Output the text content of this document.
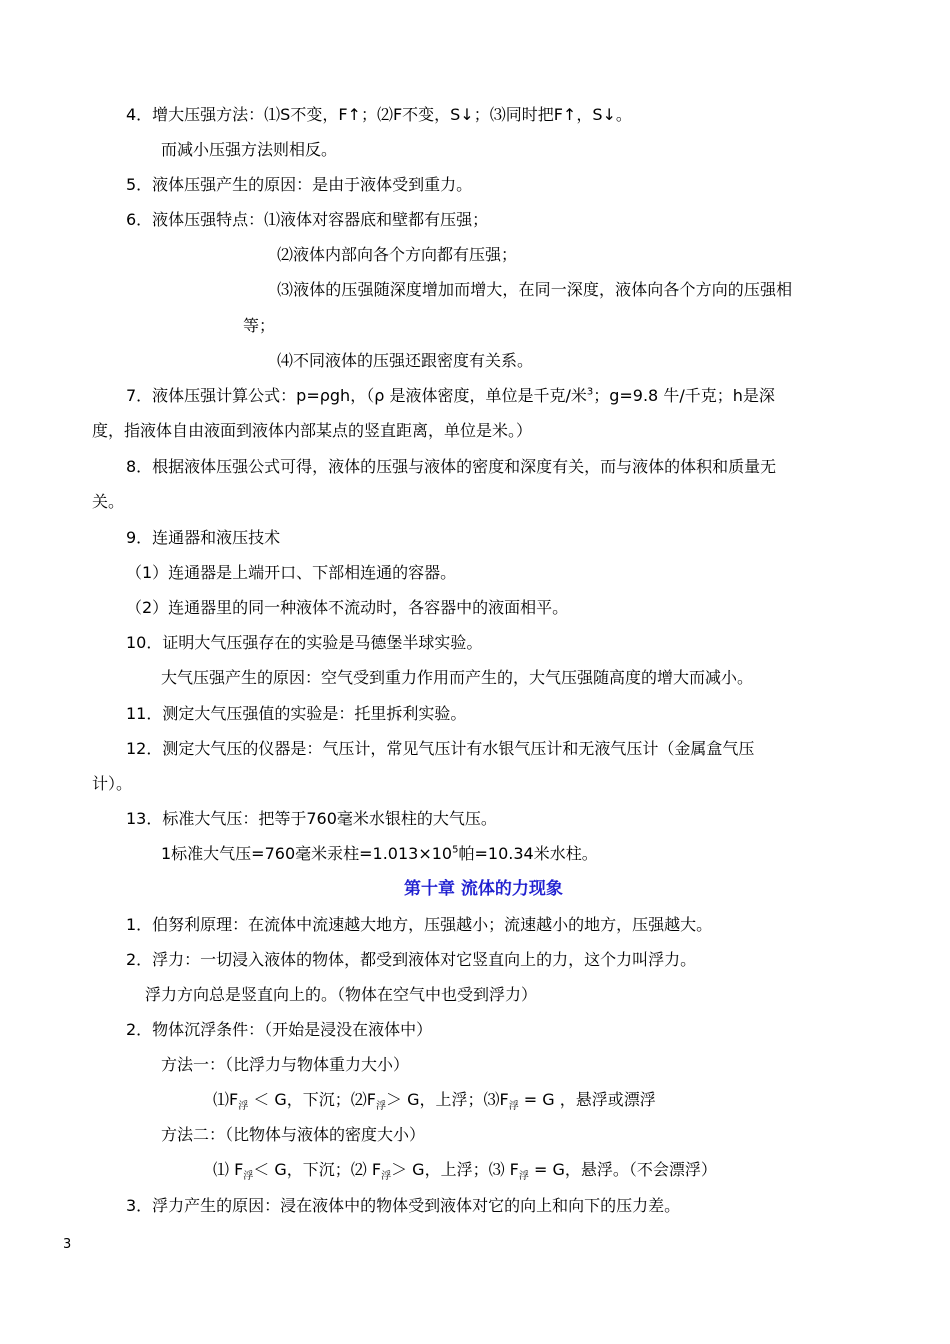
4．增大压强方法：⑴S不变，F↑；⑵F不变，S↓；⑶同时把F↑，S↓。
而减小压强方法则相反。
5．液体压强产生的原因：是由于液体受到重力。
6．液体压强特点：⑴液体对容器底和壁都有压强；
⑵液体内部向各个方向都有压强；
⑶液体的压强随深度增加而增大，在同一深度，液体向各个方向的压强相
等；
⑷不同液体的压强还跟密度有关系。
7．液体压强计算公式：p=ρgh，（ρ 是液体密度，单位是千克/米$^3$；g=9.8 牛/千克；h是深
度，指液体自由液面到液体内部某点的竖直距离，单位是米。）
8．根据液体压强公式可得，液体的压强与液体的密度和深度有关，而与液体的体积和质量无
关。
9．连通器和液压技术
（1）连通器是上端开口、下部相连通的容器。
（2）连通器里的同一种液体不流动时，各容器中的液面相平。
10．证明大气压强存在的实验是马德堡半球实验。
大气压强产生的原因：空气受到重力作用而产生的，大气压强随高度的增大而减小。
11．测定大气压强值的实验是：托里拆利实验。
12．测定大气压的仪器是：气压计，常见气压计有水银气压计和无液气压计（金属盒气压
计）。
13．标准大气压：把等于760毫米水银柱的大气压。
1标准大气压=760毫米汞柱$=1.013\times 10^5$帕=10.34米水柱。
第十章 流体的力现象
1．伯努利原理：在流体中流速越大地方，压强越小；流速越小的地方，压强越大。
2．浮力：一切浸入液体的物体，都受到液体对它竖直向上的力，这个力叫浮力。
浮力方向总是竖直向上的。（物体在空气中也受到浮力）
2．物体沉浮条件：（开始是浸没在液体中）
方法一：（比浮力与物体重力大小）
$⑴F_浮 < G$，下沉；$⑵F_浮> G$，上浮；$⑶F_浮 = G$ ，悬浮或漂浮
方法二：（比物体与液体的密度大小）
⑴ $F_浮< G$，下沉；⑵ $F_浮> G$，上浮；⑶ $F_浮 = G$，悬浮。（不会漂浮）
3．浮力产生的原因：浸在液体中的物体受到液体对它的向上和向下的压力差。
3
